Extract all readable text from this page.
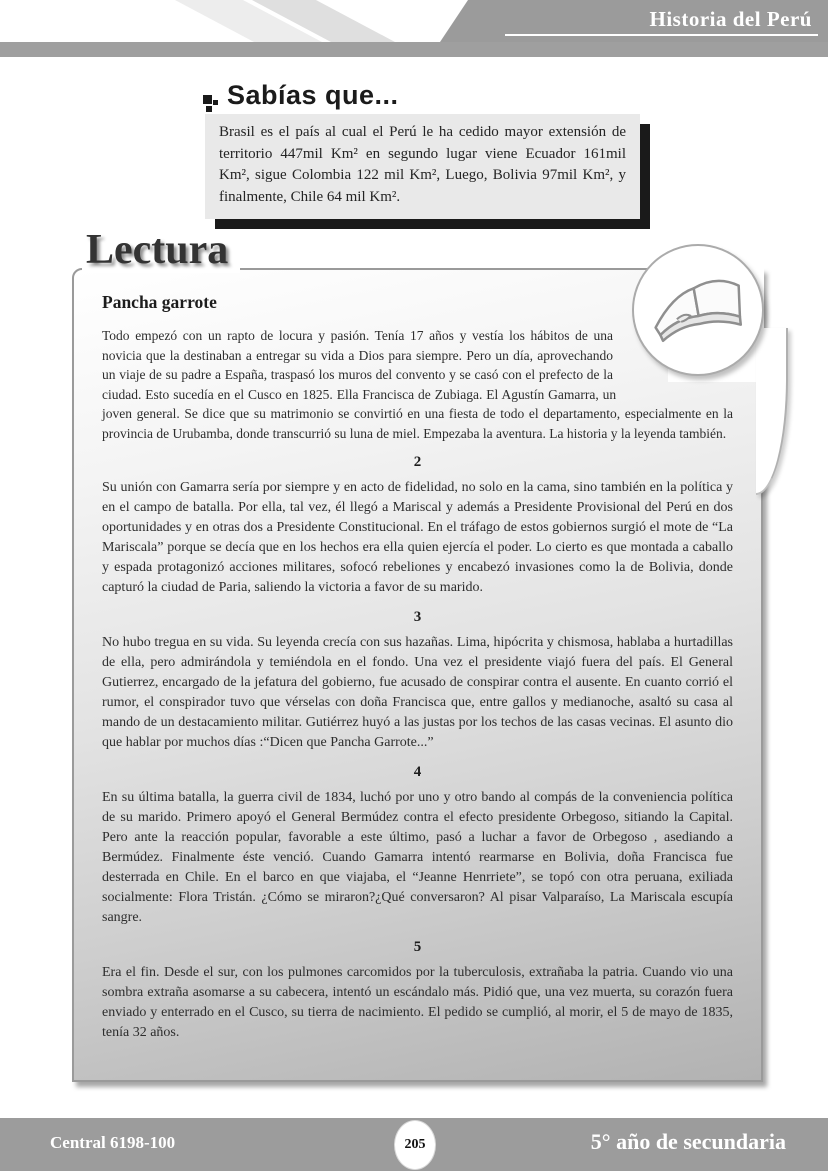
Historia del Perú
Sabías que...
Brasil es el país al cual el Perú le ha cedido mayor extensión de territorio 447mil Km² en segundo lugar viene Ecuador 161mil Km², sigue Colombia 122 mil Km², Luego, Bolivia 97mil Km², y finalmente, Chile 64 mil Km².
Lectura
Pancha garrote

Todo empezó con un rapto de locura y pasión. Tenía 17 años y vestía los hábitos de una novicia que la destinaban a entregar su vida a Dios para siempre. Pero un día, aprovechando un viaje de su padre a España, traspasó los muros del convento y se casó con el prefecto de la ciudad. Esto sucedía en el Cusco en 1825. Ella Francisca de Zubiaga. El Agustín Gamarra, un joven general. Se dice que su matrimonio se convirtió en una fiesta de todo el departamento, especialmente en la provincia de Urubamba, donde transcurrió su luna de miel. Empezaba la aventura. La historia y la leyenda también.

2

Su unión con Gamarra sería por siempre y en acto de fidelidad, no solo en la cama, sino también en la política y en el campo de batalla. Por ella, tal vez, él llegó a Mariscal y además a Presidente Provisional del Perú en dos oportunidades y en otras dos a Presidente Constitucional. En el tráfago de estos gobiernos surgió el mote de “La Mariscala” porque se decía que en los hechos era ella quien ejercía el poder. Lo cierto es que montada a caballo y espada protagonizó acciones militares, sofocó rebeliones y encabezó invasiones como la de Bolivia, donde capturó la ciudad de Paria, saliendo la victoria a favor de su marido.

3

No hubo tregua en su vida. Su leyenda crecía con sus hazañas. Lima, hipócrita y chismosa, hablaba a hurtadillas de ella, pero admirándola y temiéndola en el fondo. Una vez el presidente viajó fuera del país. El General Gutierrez, encargado de la jefatura del gobierno, fue acusado de conspirar contra el ausente. En cuanto corrió el rumor, el conspirador tuvo que vérselas con doña Francisca que, entre gallos y medianoche, asaltó su casa al mando de un destacamiento militar. Gutiérrez huyó a las justas por los techos de las casas vecinas. El asunto dio que hablar por muchos días :“Dicen que Pancha Garrote...”

4

En su última batalla, la guerra civil de 1834, luchó por uno y otro bando al compás de la conveniencia política de su marido. Primero apoyó el General Bermúdez contra el efecto presidente Orbegoso, sitiando la Capital. Pero ante la reacción popular, favorable a este último, pasó a luchar a favor de Orbegoso , asediando a Bermúdez. Finalmente éste venció. Cuando Gamarra intentó rearmarse en Bolivia, doña Francisca fue desterrada en Chile. En el barco en que viajaba, el “Jeanne Henrriete”, se topó con otra peruana, exiliada socialmente: Flora Tristán. ¿Cómo se miraron?¿Qué conversaron? Al pisar Valparaíso, La Mariscala escupía sangre.

5

Era el fin. Desde el sur, con los pulmones carcomidos por la tuberculosis, extrañaba la patria. Cuando vio una sombra extraña asomarse a su cabecera, intentó un escándalo más. Pidió que, una vez muerta, su corazón fuera enviado y enterrado en el Cusco, su tierra de nacimiento. El pedido se cumplió, al morir, el 5 de mayo de 1835, tenía 32 años.

Central 6198-100	205	5° año de secundaria
